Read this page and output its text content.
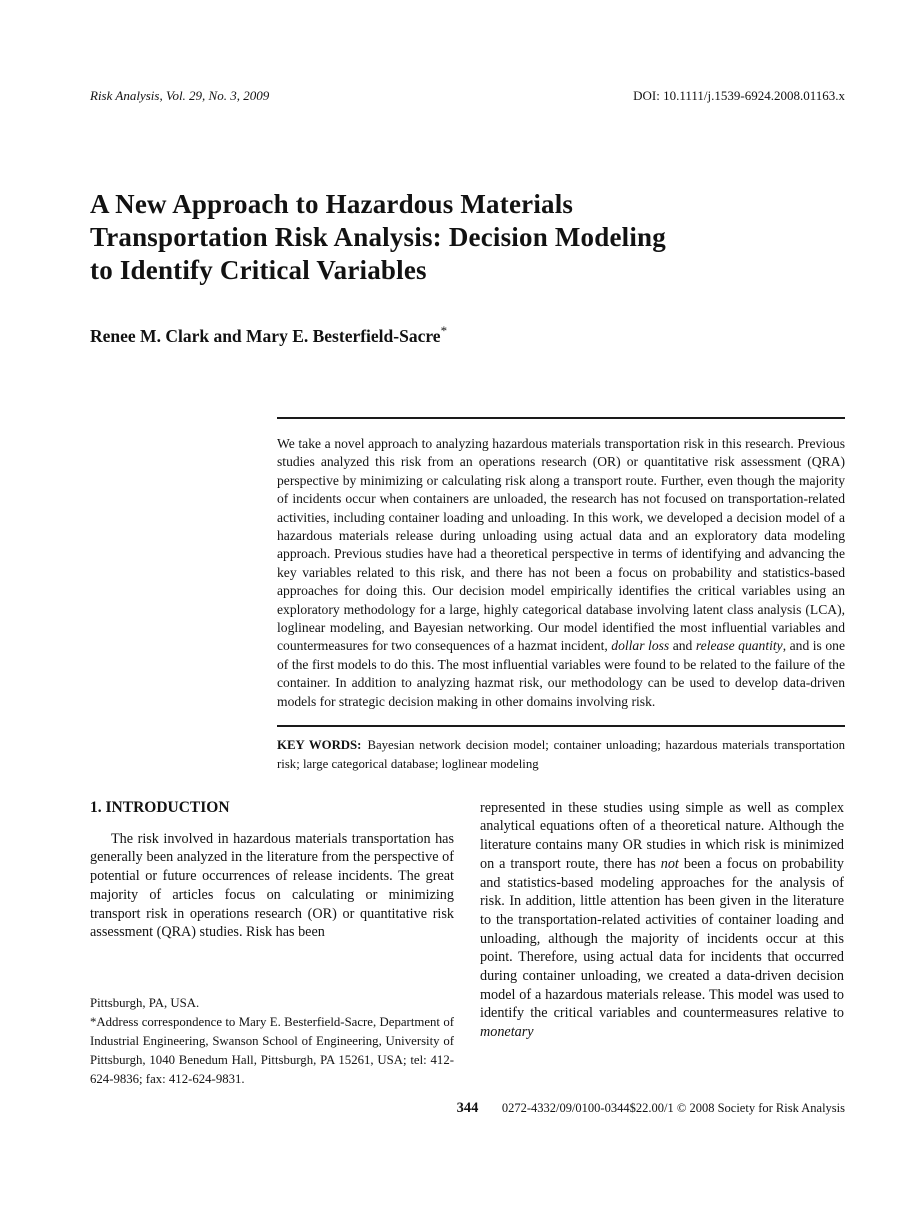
Risk Analysis, Vol. 29, No. 3, 2009	DOI: 10.1111/j.1539-6924.2008.01163.x
A New Approach to Hazardous Materials
Transportation Risk Analysis: Decision Modeling
to Identify Critical Variables
Renee M. Clark and Mary E. Besterfield-Sacre*

We take a novel approach to analyzing hazardous materials transportation risk in this research. Previous studies analyzed this risk from an operations research (OR) or quantitative risk assessment (QRA) perspective by minimizing or calculating risk along a transport route. Further, even though the majority of incidents occur when containers are unloaded, the research has not focused on transportation-related activities, including container loading and unloading. In this work, we developed a decision model of a hazardous materials release during unloading using actual data and an exploratory data modeling approach. Previous studies have had a theoretical perspective in terms of identifying and advancing the key variables related to this risk, and there has not been a focus on probability and statistics-based approaches for doing this. Our decision model empirically identifies the critical variables using an exploratory methodology for a large, highly categorical database involving latent class analysis (LCA), loglinear modeling, and Bayesian networking. Our model identified the most influential variables and countermeasures for two consequences of a hazmat incident, dollar loss and release quantity, and is one of the first models to do this. The most influential variables were found to be related to the failure of the container. In addition to analyzing hazmat risk, our methodology can be used to develop data-driven models for strategic decision making in other domains involving risk.

KEY WORDS: Bayesian network decision model; container unloading; hazardous materials transportation risk; large categorical database; loglinear modeling

1. INTRODUCTION

The risk involved in hazardous materials transportation has generally been analyzed in the literature from the perspective of potential or future occurrences of release incidents. The great majority of articles focus on calculating or minimizing transport risk in operations research (OR) or quantitative risk assessment (QRA) studies. Risk has been

Pittsburgh, PA, USA.

*Address correspondence to Mary E. Besterfield-Sacre, Department of Industrial Engineering, Swanson School of Engineering, University of Pittsburgh, 1040 Benedum Hall, Pittsburgh, PA 15261, USA; tel: 412-624-9836; fax: 412-624-9831.

represented in these studies using simple as well as complex analytical equations often of a theoretical nature. Although the literature contains many OR studies in which risk is minimized on a transport route, there has not been a focus on probability and statistics-based modeling approaches for the analysis of risk. In addition, little attention has been given in the literature to the transportation-related activities of container loading and unloading, although the majority of incidents occur at this point. Therefore, using actual data for incidents that occurred during container unloading, we created a data-driven decision model of a hazardous materials release. This model was used to identify the critical variables and countermeasures relative to monetary

344 0272-4332/09/0100-0344$22.00/1 © 2008 Society for Risk Analysis
